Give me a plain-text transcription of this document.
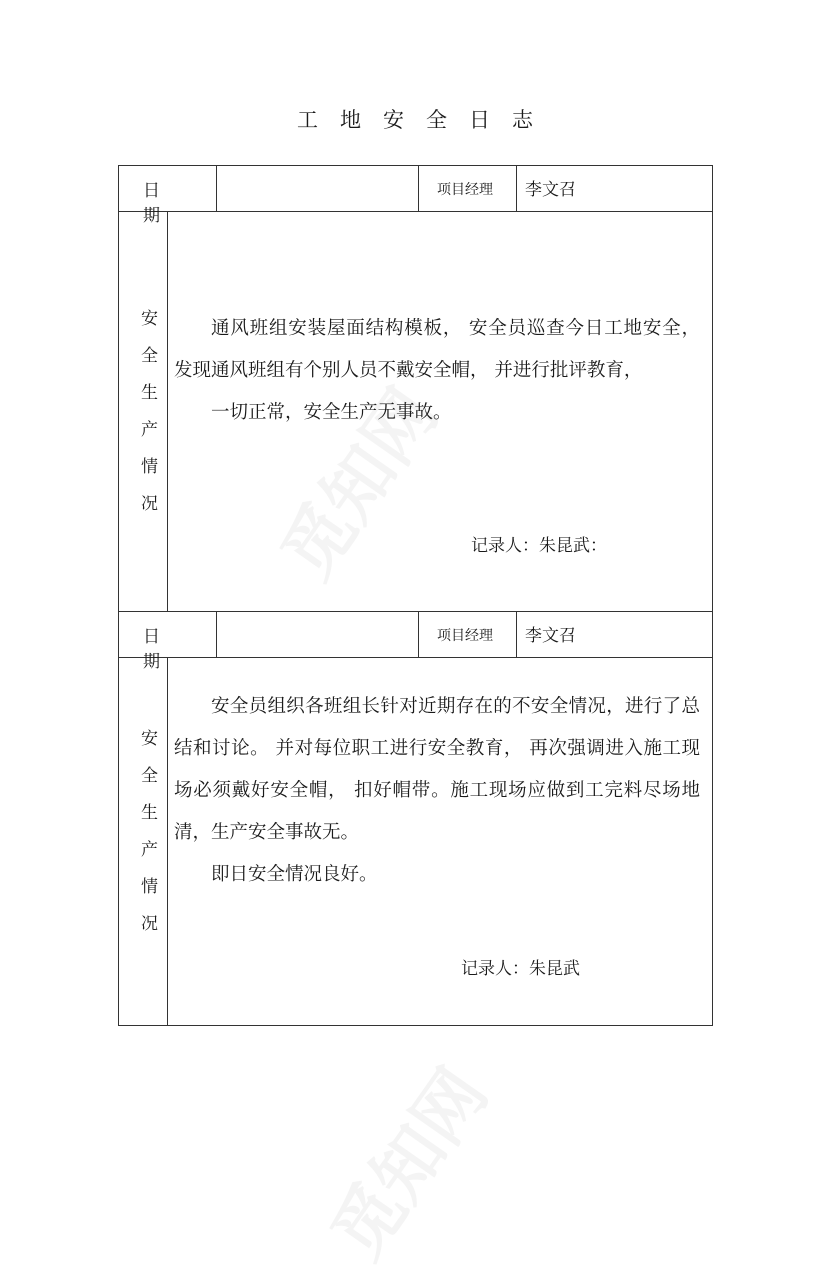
工地安全日志
日 期
项目经理 李文召
安全生产情况	通风班组安装屋面结构模板， 安全员巡查今日工地安全， 发现通风班组有个别人员不戴安全帽， 并进行批评教育，

一切正常，安全生产无事故。

记录人：朱昆武：
日 期
项目经理 李文召
安全生产情况

安全员组织各班组长针对近期存在的不安全情况，进行了总结和讨论。 并对每位职工进行安全教育， 再次强调进入施工现场必须戴好安全帽， 扣好帽带。施工现场应做到工完料尽场地清，生产安全事故无。

即日安全情况良好。

记录人：朱昆武
